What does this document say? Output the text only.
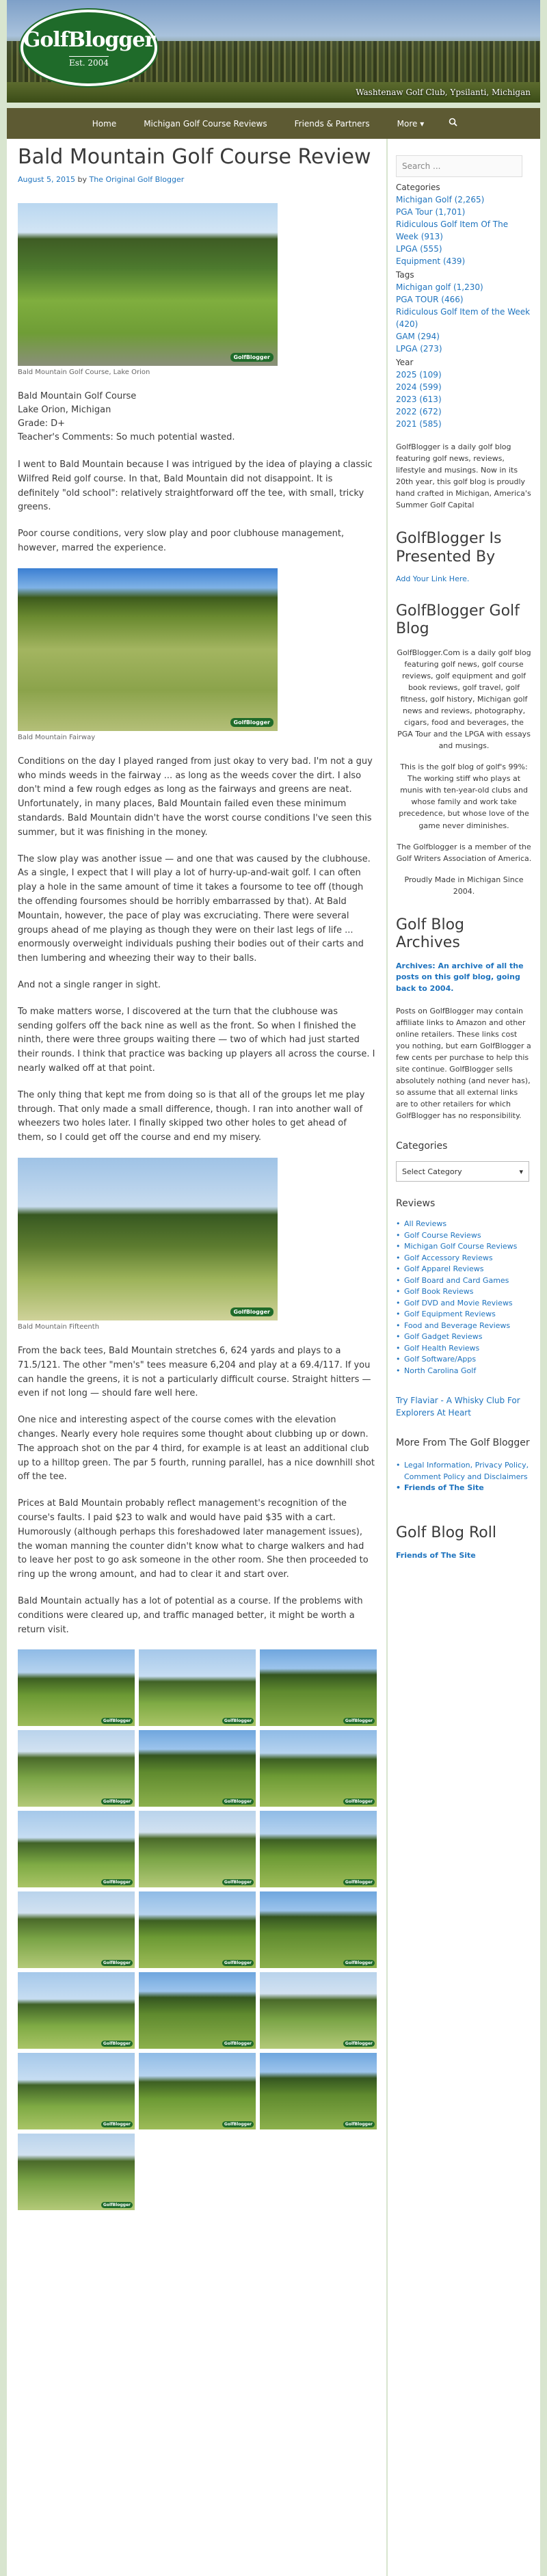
GolfBlogger
Est. 2004
Washtenaw Golf Club, Ypsilanti, Michigan
Home	Michigan Golf Course Reviews	Friends & Partners	More ▾
Bald Mountain Golf Course Review
August 5, 2015 by The Original Golf Blogger
GolfBlogger
Bald Mountain Golf Course, Lake Orion
Bald Mountain Golf Course
Lake Orion, Michigan
Grade: D+
Teacher's Comments: So much potential wasted.

I went to Bald Mountain because I was intrigued by the idea of playing a classic Wilfred Reid golf course. In that, Bald Mountain did not disappoint. It is definitely "old school": relatively straightforward off the tee, with small, tricky greens.

Poor course conditions, very slow play and poor clubhouse management, however, marred the experience.

GolfBlogger
Bald Mountain Fairway

Conditions on the day I played ranged from just okay to very bad. I'm not a guy who minds weeds in the fairway ... as long as the weeds cover the dirt. I also don't mind a few rough edges as long as the fairways and greens are neat. Unfortunately, in many places, Bald Mountain failed even these minimum standards. Bald Mountain didn't have the worst course conditions I've seen this summer, but it was finishing in the money.

The slow play was another issue — and one that was caused by the clubhouse. As a single, I expect that I will play a lot of hurry-up-and-wait golf. I can often play a hole in the same amount of time it takes a foursome to tee off (though the offending foursomes should be horribly embarrassed by that). At Bald Mountain, however, the pace of play was excruciating. There were several groups ahead of me playing as though they were on their last legs of life ... enormously overweight individuals pushing their bodies out of their carts and then lumbering and wheezing their way to their balls.

And not a single ranger in sight.

To make matters worse, I discovered at the turn that the clubhouse was sending golfers off the back nine as well as the front. So when I finished the ninth, there were three groups waiting there — two of which had just started their rounds. I think that practice was backing up players all across the course. I nearly walked off at that point.

The only thing that kept me from doing so is that all of the groups let me play through. That only made a small difference, though. I ran into another wall of wheezers two holes later. I finally skipped two other holes to get ahead of them, so I could get off the course and end my misery.

GolfBlogger
Bald Mountain Fifteenth

From the back tees, Bald Mountain stretches 6, 624 yards and plays to a 71.5/121. The other "men's" tees measure 6,204 and play at a 69.4/117. If you can handle the greens, it is not a particularly difficult course. Straight hitters — even if not long — should fare well here.

One nice and interesting aspect of the course comes with the elevation changes. Nearly every hole requires some thought about clubbing up or down. The approach shot on the par 4 third, for example is at least an additional club up to a hilltop green. The par 5 fourth, running parallel, has a nice downhill shot off the tee.

Prices at Bald Mountain probably reflect management's recognition of the course's faults. I paid $23 to walk and would have paid $35 with a cart. Humorously (although perhaps this foreshadowed later management issues), the woman manning the counter didn't know what to charge walkers and had to leave her post to go ask someone in the other room. She then proceeded to ring up the wrong amount, and had to clear it and start over.

Bald Mountain actually has a lot of potential as a course. If the problems with conditions were cleared up, and traffic managed better, it might be worth a return visit.

GolfBlogger	GolfBlogger	GolfBlogger
GolfBlogger	GolfBlogger	GolfBlogger
GolfBlogger	GolfBlogger	GolfBlogger
GolfBlogger	GolfBlogger	GolfBlogger
GolfBlogger	GolfBlogger	GolfBlogger
GolfBlogger	GolfBlogger	GolfBlogger
GolfBlogger
Search ...
Categories
Michigan Golf (2,265)
PGA Tour (1,701)
Ridiculous Golf Item Of The Week (913)
LPGA (555)
Equipment (439)
Tags
Michigan golf (1,230)
PGA TOUR (466)
Ridiculous Golf Item of the Week (420)
GAM (294)
LPGA (273)
Year
2025 (109)
2024 (599)
2023 (613)
2022 (672)
2021 (585)

GolfBlogger is a daily golf blog featuring golf news, reviews, lifestyle and musings. Now in its 20th year, this golf blog is proudly hand crafted in Michigan, America's Summer Golf Capital

GolfBlogger Is Presented By
Add Your Link Here.
GolfBlogger Golf Blog

GolfBlogger.Com is a daily golf blog featuring golf news, golf course reviews, golf equipment and golf book reviews, golf travel, golf fitness, golf history, Michigan golf news and reviews, photography, cigars, food and beverages, the PGA Tour and the LPGA with essays and musings.

This is the golf blog of golf's 99%: The working stiff who plays at munis with ten-year-old clubs and whose family and work take precedence, but whose love of the game never diminishes.

The Golfblogger is a member of the Golf Writers Association of America.

Proudly Made in Michigan Since 2004.

Golf Blog Archives
Archives: An archive of all the posts on this golf blog, going back to 2004.

Posts on GolfBlogger may contain affiliate links to Amazon and other online retailers. These links cost you nothing, but earn GolfBlogger a few cents per purchase to help this site continue. GolfBlogger sells absolutely nothing (and never has), so assume that all external links are to other retailers for which GolfBlogger has no responsibility.

Categories
Select Category	▾
Reviews
• All Reviews
• Golf Course Reviews
• Michigan Golf Course Reviews
• Golf Accessory Reviews
• Golf Apparel Reviews
• Golf Board and Card Games
• Golf Book Reviews
• Golf DVD and Movie Reviews
• Golf Equipment Reviews
• Food and Beverage Reviews
• Golf Gadget Reviews
• Golf Health Reviews
• Golf Software/Apps
• North Carolina Golf
Try Flaviar - A Whisky Club For Explorers At Heart
More From The Golf Blogger
• Legal Information, Privacy Policy, Comment Policy and Disclaimers
• Friends of The Site
Golf Blog Roll
Friends of The Site
